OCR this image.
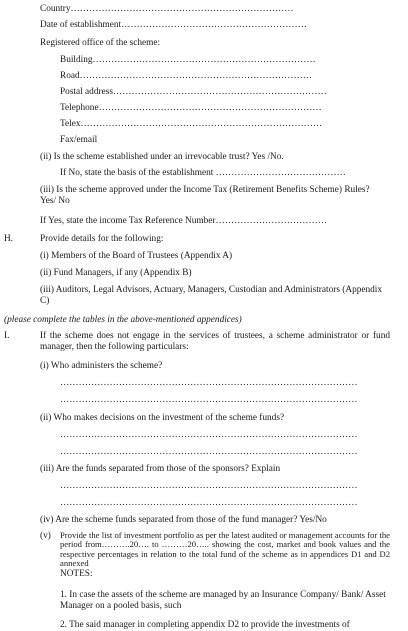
Country………………………………………………………………
Date of establishment……………………………………………………
Registered office of the scheme:
Building………………………………………………………………
Road…………………………………………………………………
Postal address……………………………………………………………
Telephone………………………………………………………………
Telex……………………………………………………………………
Fax/email
(ii) Is the scheme established under an irrevocable trust? Yes /No.
If No, state the basis of the establishment ……………………………………
(iii) Is the scheme approved under the Income Tax (Retirement Benefits Scheme) Rules? Yes/ No
If Yes, state the income Tax Reference Number………………………………
H.	Provide details for the following:
(i) Members of the Board of Trustees (Appendix A)
(ii) Fund Managers, if any (Appendix B)
(iii) Auditors, Legal Advisors, Actuary, Managers, Custodian and Administrators (Appendix C)
(please complete the tables in the above-mentioned appendices)
I.	If the scheme does not engage in the services of trustees, a scheme administrator or fund manager, then the following particulars:
(i) Who administers the scheme?
……………………………………………………………………………………
……………………………………………………………………………………
(ii) Who makes decisions on the investment of the scheme funds?
……………………………………………………………………………………
……………………………………………………………………………………
(iii) Are the funds separated from those of the sponsors? Explain
……………………………………………………………………………………
……………………………………………………………………………………
(iv) Are the scheme funds separated from those of the fund manager? Yes/No
(v) Provide the list of investment portfolio as per the latest audited or management accounts for the period from……….20…. to ………20….. showing the cost, market and book values and the respective percentages in relation to the total fund of the scheme as in appendices D1 and D2 annexed
NOTES:
1. In case the assets of the scheme are managed by an Insurance Company/ Bank/ Asset Manager on a pooled basis, such
2. The said manager in completing appendix D2 to provide the investments of
